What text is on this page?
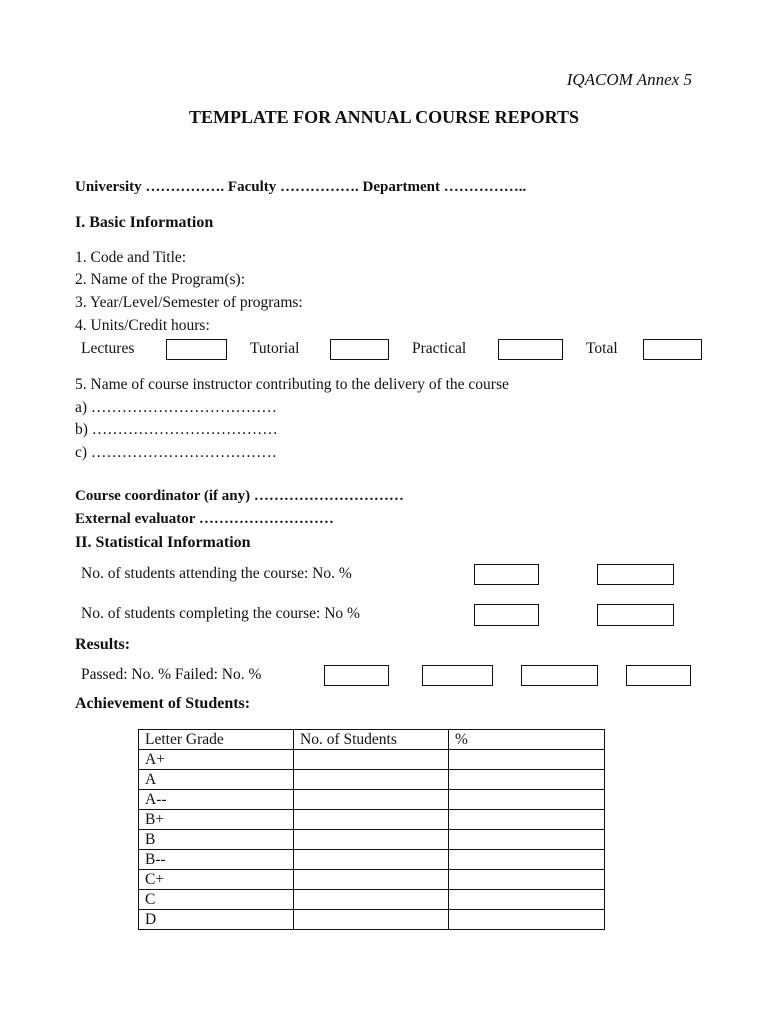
IQACOM Annex 5
TEMPLATE FOR ANNUAL COURSE REPORTS
University ……………. Faculty ……………. Department ……………..
I. Basic Information
1. Code and Title:
2. Name of the Program(s):
3. Year/Level/Semester of programs:
4. Units/Credit hours:
Lectures	Tutorial	Practical	Total
5. Name of course instructor contributing to the delivery of the course
a) ………………………………
b) ………………………………
c) ………………………………
Course coordinator (if any) …………………………
External evaluator ………………………
II. Statistical Information
No. of students attending the course: No. %
No. of students completing the course: No %
Results:
Passed: No. % Failed: No. %
Achievement of Students:
Letter Grade	No. of Students	%
A+		
A		
A--		
B+		
B		
B--		
C+		
C		
D		
